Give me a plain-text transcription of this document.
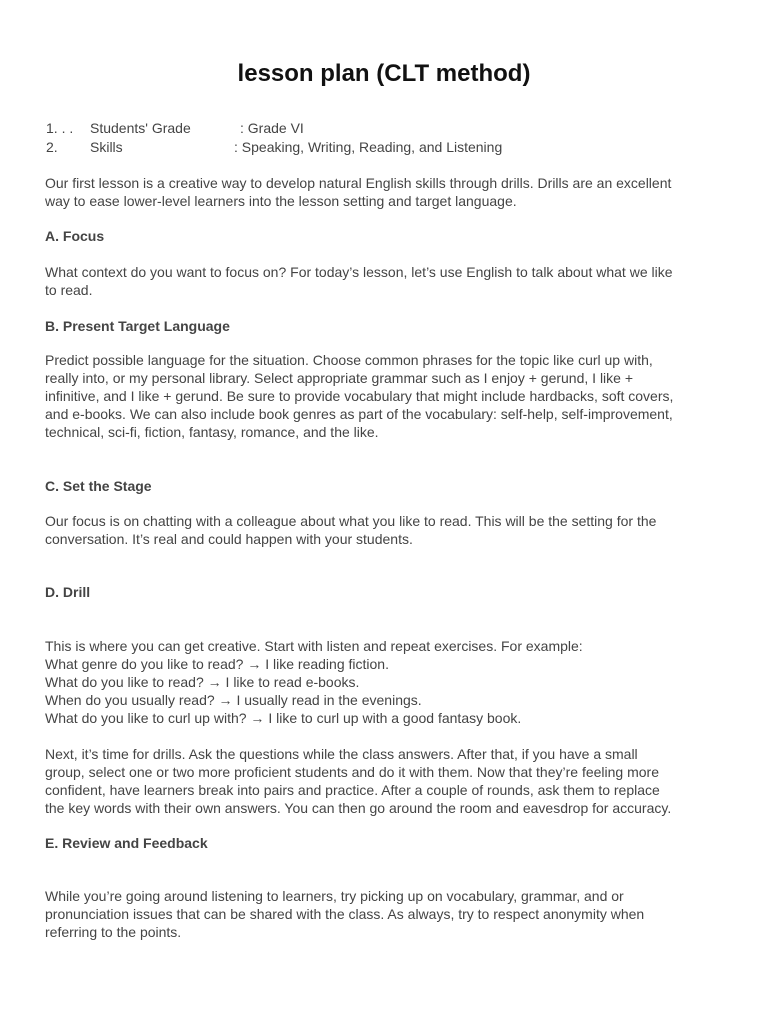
lesson plan (CLT method)
1. . . Students' Grade	: Grade VI
2. Skills	: Speaking, Writing, Reading, and Listening

Our first lesson is a creative way to develop natural English skills through drills. Drills are an excellent
way to ease lower-level learners into the lesson setting and target language.

A. Focus

What context do you want to focus on? For today’s lesson, let’s use English to talk about what we like
to read.

B. Present Target Language

Predict possible language for the situation. Choose common phrases for the topic like curl up with,
really into, or my personal library. Select appropriate grammar such as I enjoy + gerund, I like +
infinitive, and I like + gerund. Be sure to provide vocabulary that might include hardbacks, soft covers,
and e-books. We can also include book genres as part of the vocabulary: self-help, self-improvement,
technical, sci-fi, fiction, fantasy, romance, and the like.

C. Set the Stage

Our focus is on chatting with a colleague about what you like to read. This will be the setting for the
conversation. It’s real and could happen with your students.

D. Drill

This is where you can get creative. Start with listen and repeat exercises. For example:
What genre do you like to read? → I like reading fiction.
What do you like to read? → I like to read e-books.
When do you usually read? → I usually read in the evenings.
What do you like to curl up with? → I like to curl up with a good fantasy book.

Next, it’s time for drills. Ask the questions while the class answers. After that, if you have a small
group, select one or two more proficient students and do it with them. Now that they’re feeling more
confident, have learners break into pairs and practice. After a couple of rounds, ask them to replace
the key words with their own answers. You can then go around the room and eavesdrop for accuracy.

E. Review and Feedback

While you’re going around listening to learners, try picking up on vocabulary, grammar, and or
pronunciation issues that can be shared with the class. As always, try to respect anonymity when
referring to the points.
